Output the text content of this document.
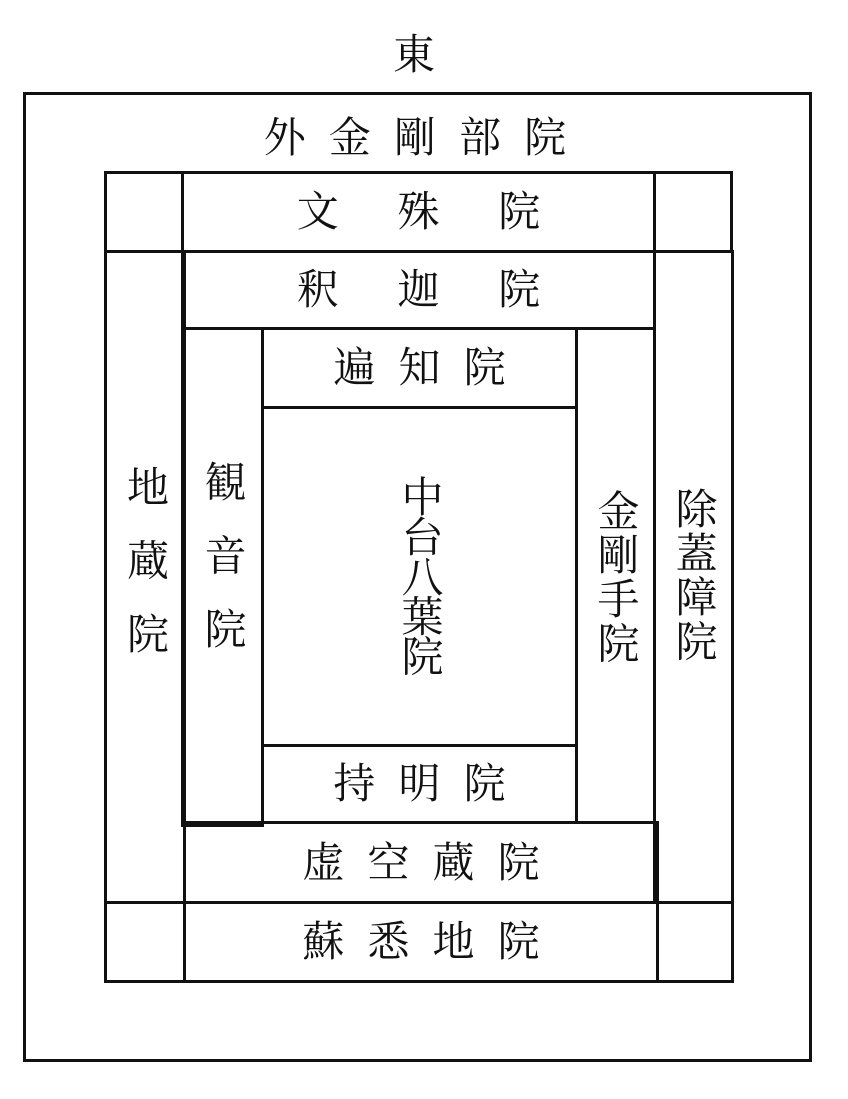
東
外金剛部院
文殊院
釈迦院
地蔵院	除蓋障院
観音院	金剛手院
遍知院
中台八葉院
持明院
虚空蔵院
蘇悉地院
